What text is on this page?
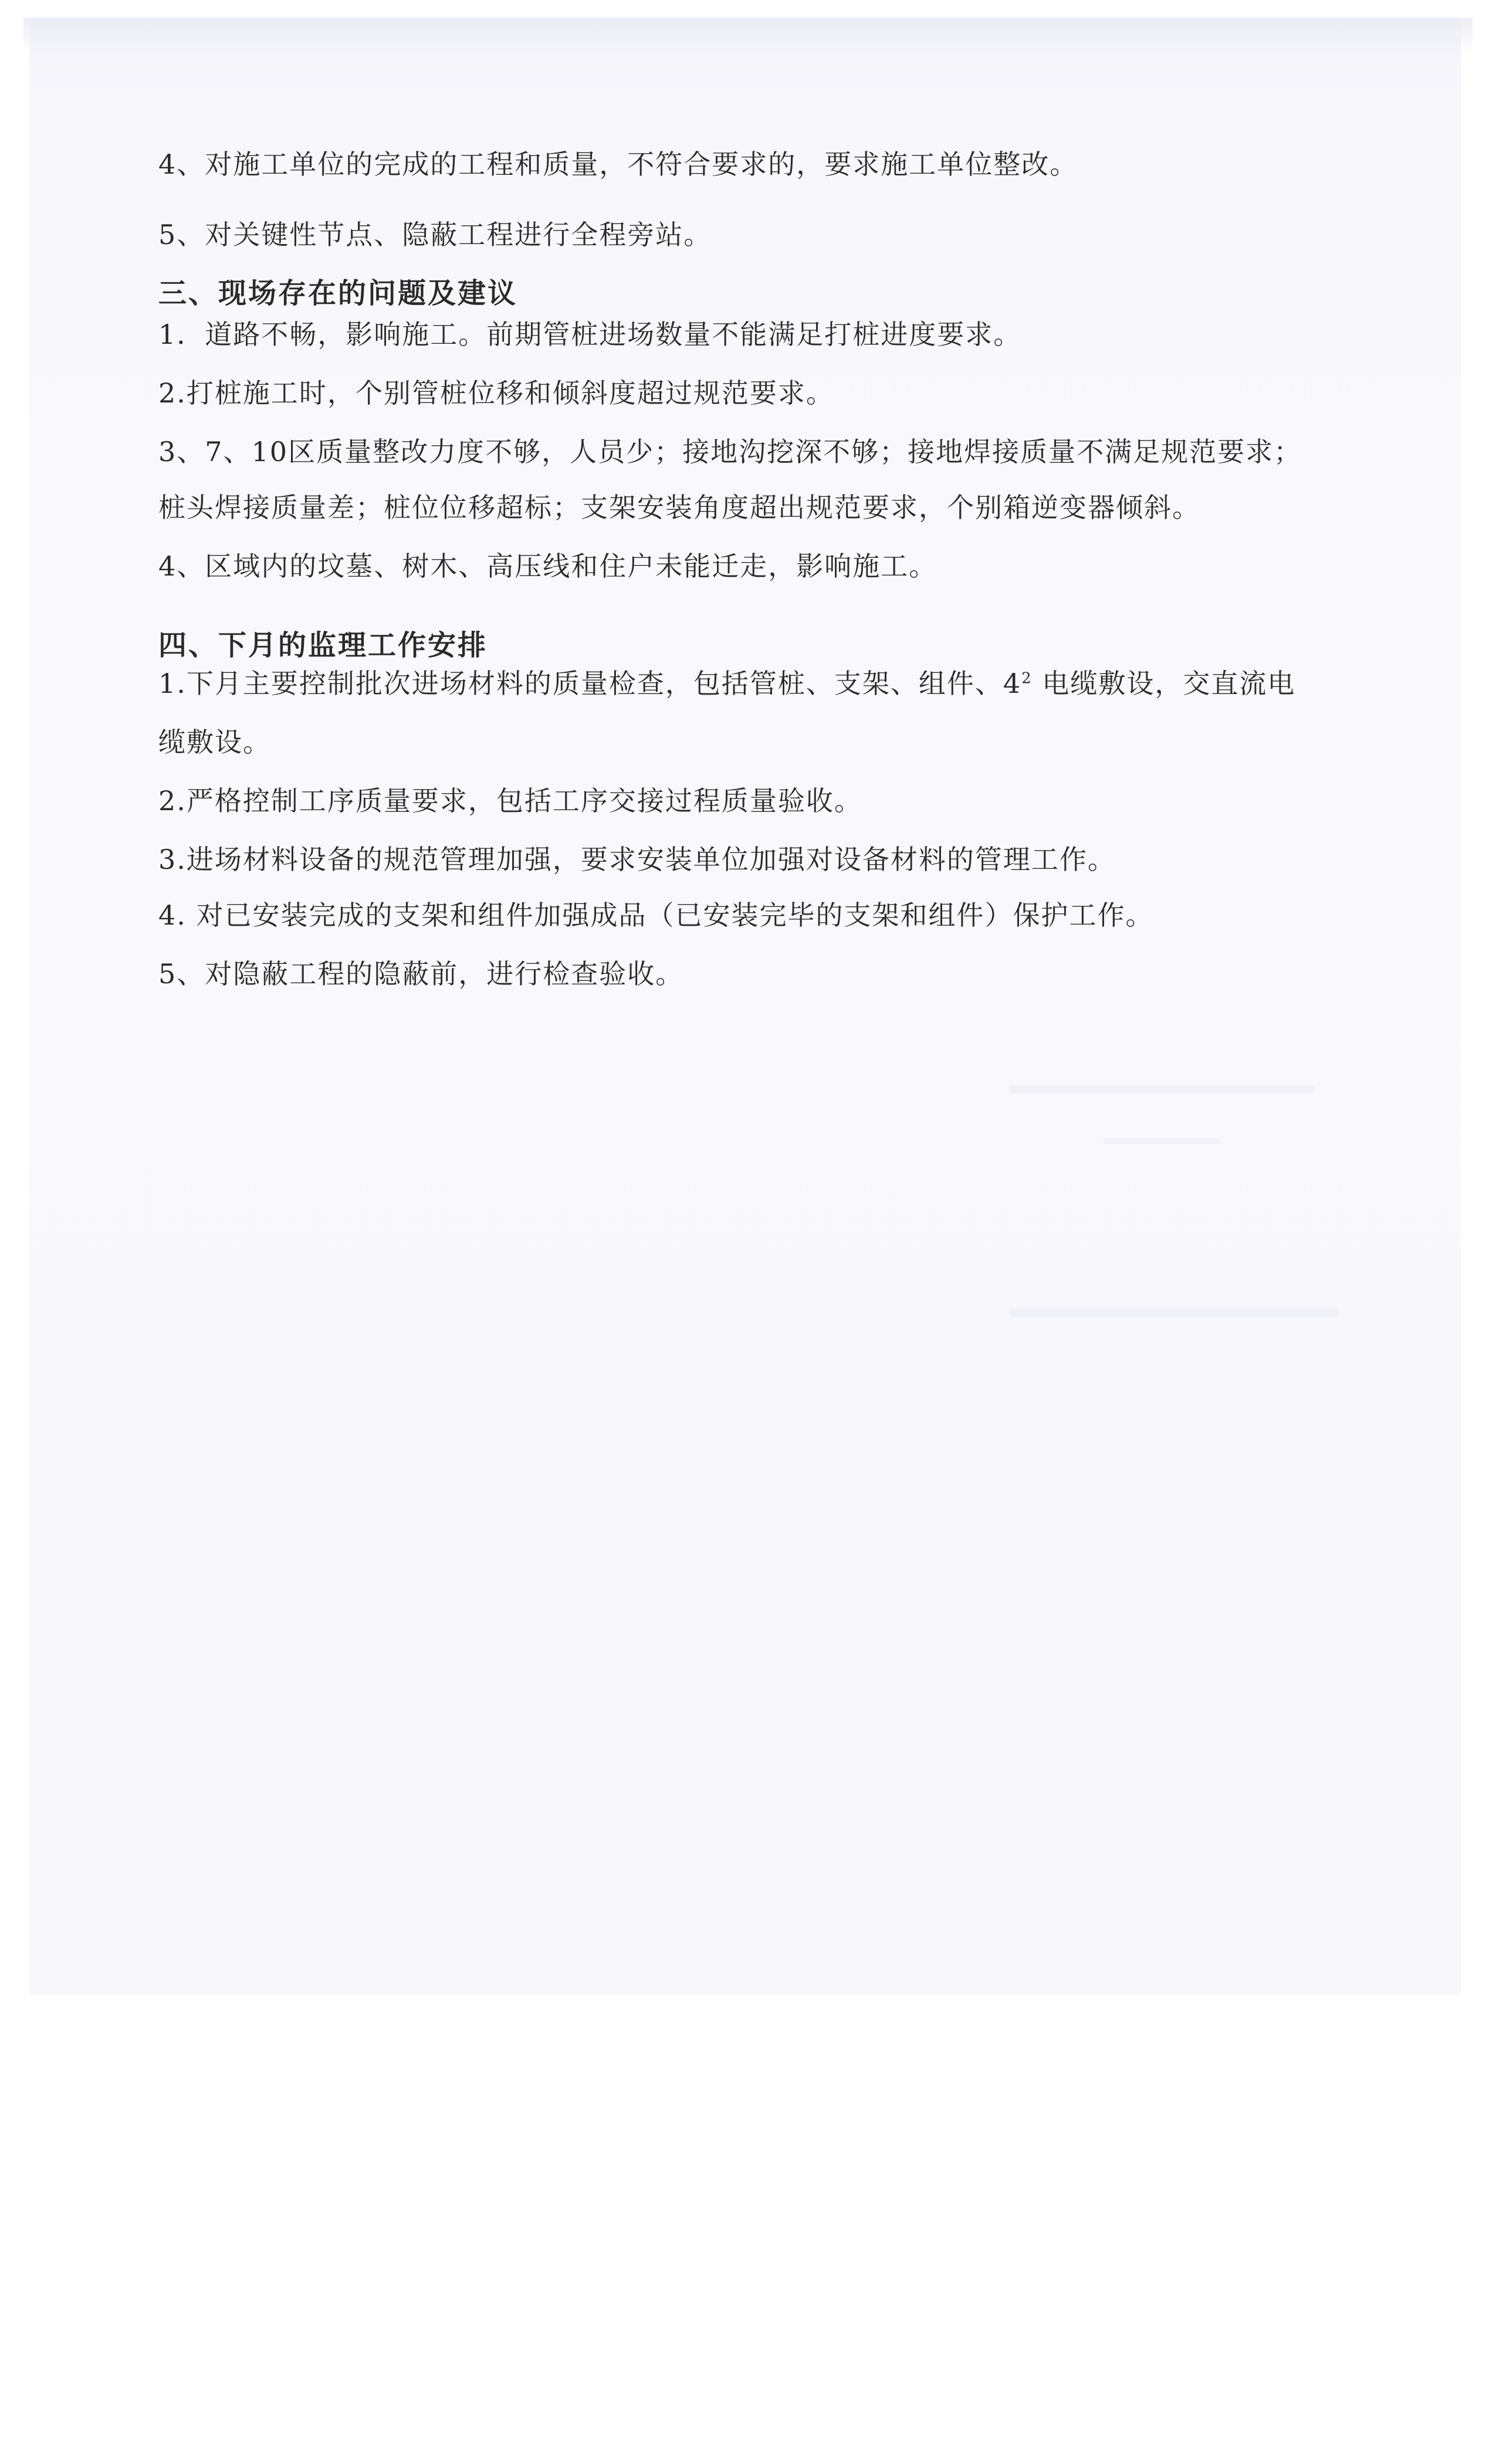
4、对施工单位的完成的工程和质量，不符合要求的，要求施工单位整改。
5、对关键性节点、隐蔽工程进行全程旁站。
三、现场存在的问题及建议
1．道路不畅，影响施工。前期管桩进场数量不能满足打桩进度要求。
2.打桩施工时，个别管桩位移和倾斜度超过规范要求。
3、7、10区质量整改力度不够，人员少；接地沟挖深不够；接地焊接质量不满足规范要求；
桩头焊接质量差；桩位位移超标；支架安装角度超出规范要求，个别箱逆变器倾斜。
4、区域内的坟墓、树木、高压线和住户未能迁走，影响施工。
四、下月的监理工作安排
1.下月主要控制批次进场材料的质量检查，包括管桩、支架、组件、$4^2$ 电缆敷设，交直流电
缆敷设。
2.严格控制工序质量要求，包括工序交接过程质量验收。
3.进场材料设备的规范管理加强，要求安装单位加强对设备材料的管理工作。
4. 对已安装完成的支架和组件加强成品（已安装完毕的支架和组件）保护工作。
5、对隐蔽工程的隐蔽前，进行检查验收。
